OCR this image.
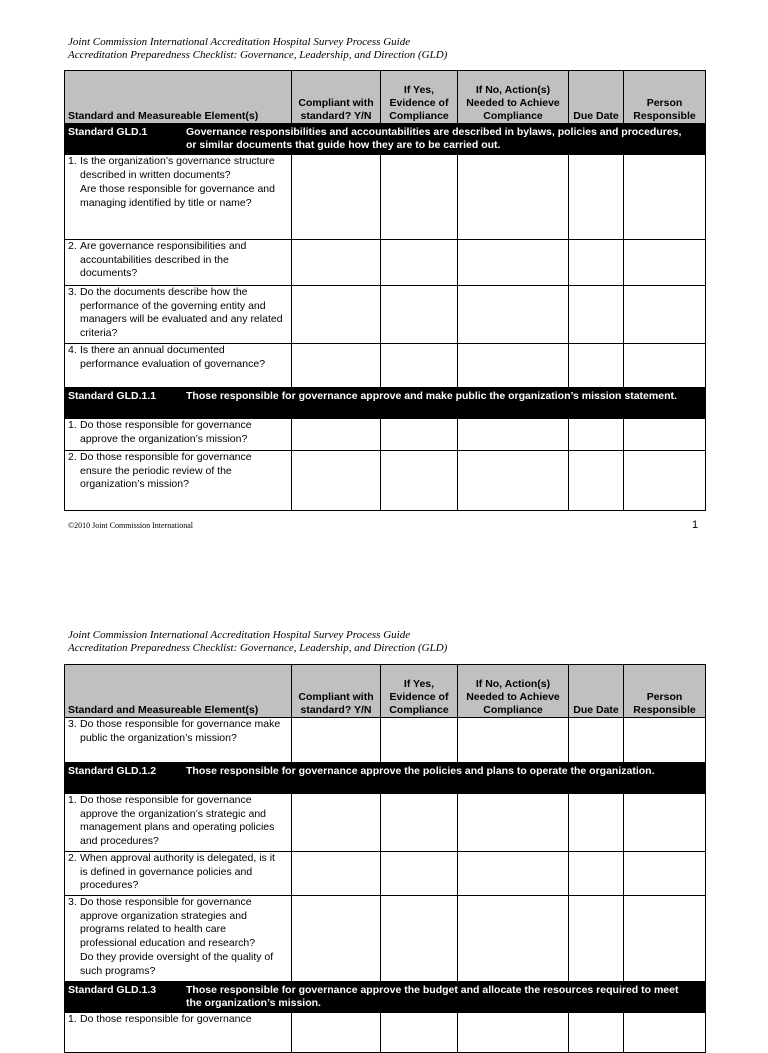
Joint Commission International Accreditation Hospital Survey Process Guide
Accreditation Preparedness Checklist: Governance, Leadership, and Direction (GLD)
Standard and Measureable Element(s)	Compliant with standard? Y/N	If Yes, Evidence of Compliance	If No, Action(s) Needed to Achieve Compliance	Due Date	Person Responsible
Standard GLD.1 Governance responsibilities and accountabilities are described in bylaws, policies and procedures, or similar documents that guide how they are to be carried out.					
1. Is the organization’s governance structure described in written documents?
Are those responsible for governance and managing identified by title or name?					

2. Are governance responsibilities and accountabilities described in the documents?					
3. Do the documents describe how the performance of the governing entity and managers will be evaluated and any related criteria?					
4. Is there an annual documented performance evaluation of governance?					
Standard GLD.1.1 Those responsible for governance approve and make public the organization’s mission statement.					
1. Do those responsible for governance approve the organization’s mission?					
2. Do those responsible for governance ensure the periodic review of the organization’s mission?					
©2010 Joint Commission International	1
Joint Commission International Accreditation Hospital Survey Process Guide
Accreditation Preparedness Checklist: Governance, Leadership, and Direction (GLD)
Standard and Measureable Element(s)	Compliant with standard? Y/N	If Yes, Evidence of Compliance	If No, Action(s) Needed to Achieve Compliance	Due Date	Person Responsible
3. Do those responsible for governance make public the organization’s mission?					
Standard GLD.1.2 Those responsible for governance approve the policies and plans to operate the organization.					
1. Do those responsible for governance approve the organization’s strategic and management plans and operating policies and procedures?					
2. When approval authority is delegated, is it is defined in governance policies and procedures?					
3. Do those responsible for governance approve organization strategies and programs related to health care professional education and research?
Do they provide oversight of the quality of such programs?					

Standard GLD.1.3 Those responsible for governance approve the budget and allocate the resources required to meet the organization’s mission.					
1. Do those responsible for governance					
